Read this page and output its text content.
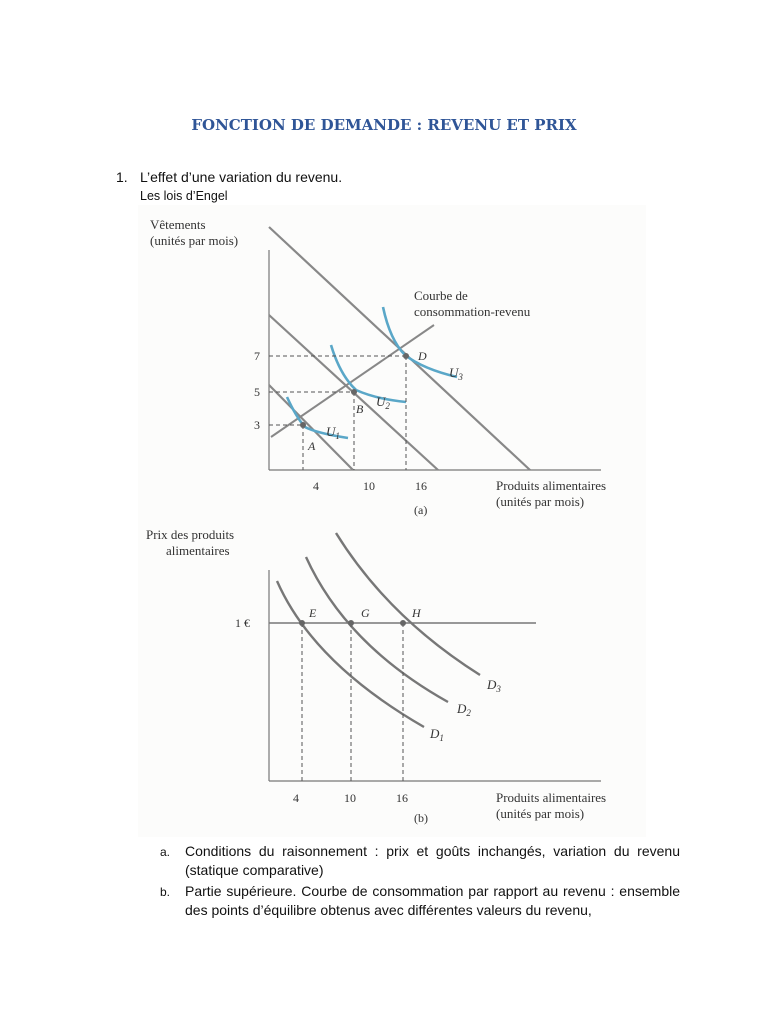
FONCTION DE DEMANDE : REVENU ET PRIX
1. L’effet d’une variation du revenu.
Les lois d’Engel
Vêtements
(unités par mois)
A
B
D
$U_1$
$U_2$
$U_3$
Courbe de
consommation-revenu
7
5
3
4	10	16	Produits alimentaires
(unités par mois)
(a)
Prix des produits
alimentaires
1 €
E	G	H
$D_1$
$D_2$
$D_3$
4	10	16	Produits alimentaires
(unités par mois)
(b)
a. Conditions du raisonnement : prix et goûts inchangés, variation du revenu (statique comparative)
b. Partie supérieure. Courbe de consommation par rapport au revenu : ensemble des points d’équilibre obtenus avec différentes valeurs du revenu,
